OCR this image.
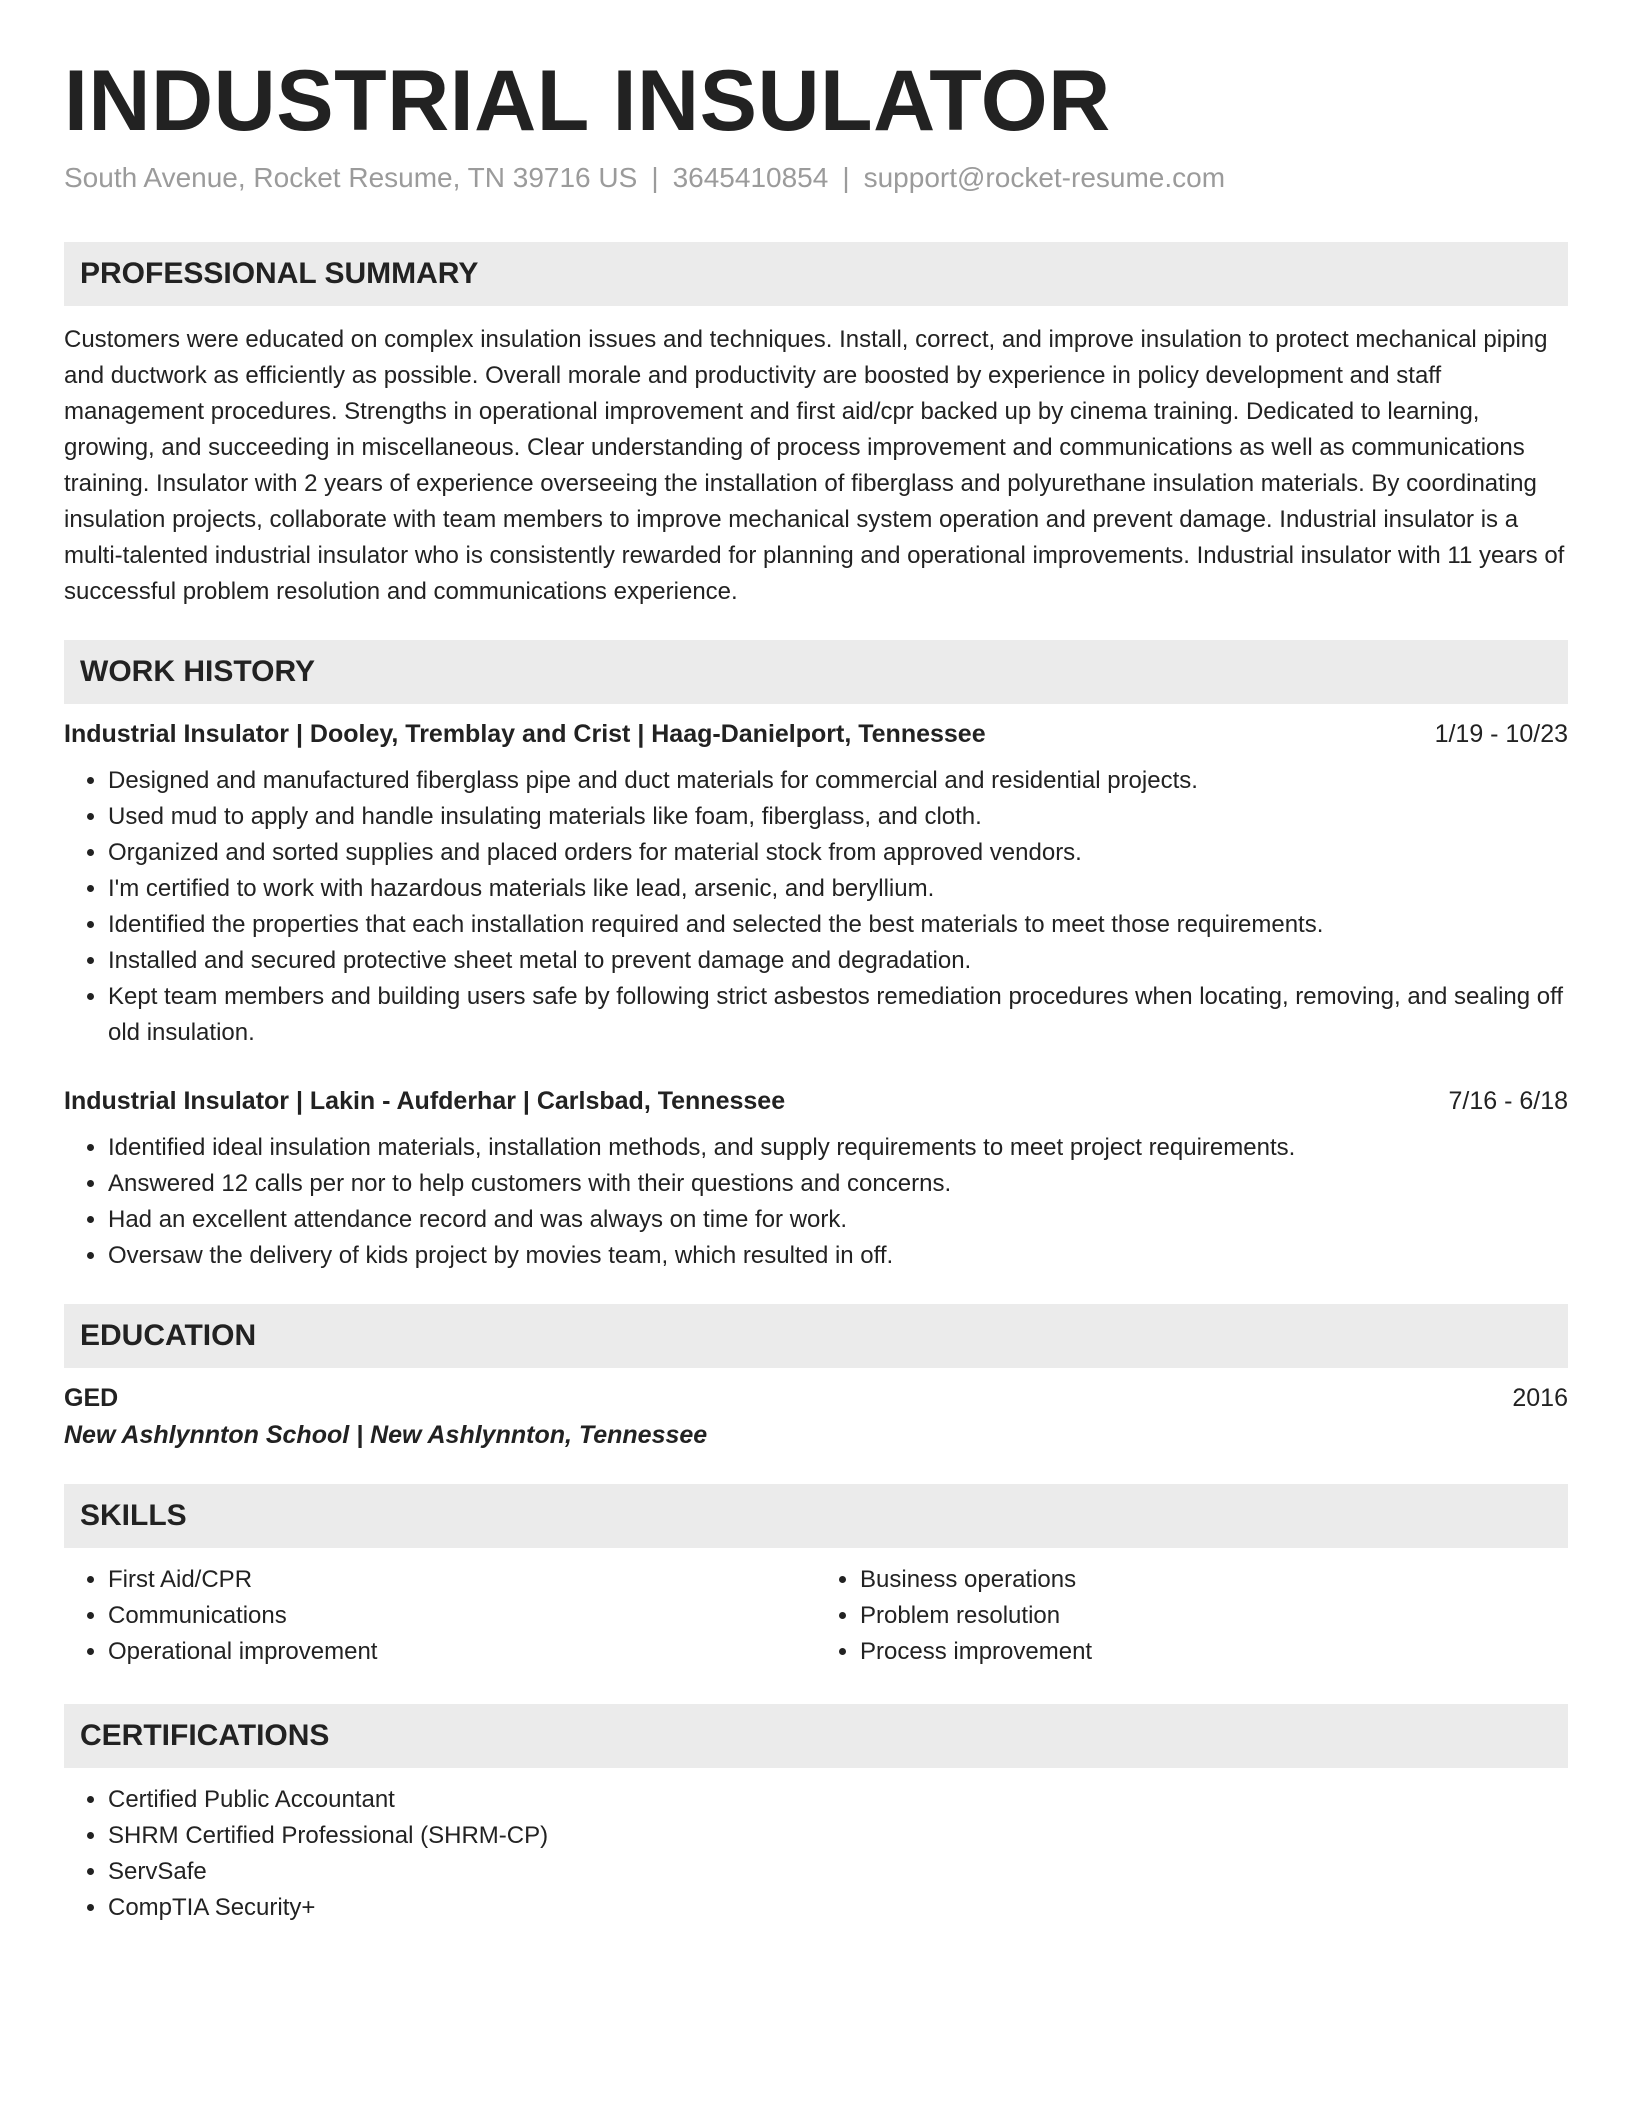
INDUSTRIAL INSULATOR
South Avenue, Rocket Resume, TN 39716 US | 3645410854 | support@rocket-resume.com
PROFESSIONAL SUMMARY

Customers were educated on complex insulation issues and techniques. Install, correct, and improve insulation to protect mechanical piping and ductwork as efficiently as possible. Overall morale and productivity are boosted by experience in policy development and staff management procedures. Strengths in operational improvement and first aid/cpr backed up by cinema training. Dedicated to learning, growing, and succeeding in miscellaneous. Clear understanding of process improvement and communications as well as communications training. Insulator with 2 years of experience overseeing the installation of fiberglass and polyurethane insulation materials. By coordinating insulation projects, collaborate with team members to improve mechanical system operation and prevent damage. Industrial insulator is a multi-talented industrial insulator who is consistently rewarded for planning and operational improvements. Industrial insulator with 11 years of successful problem resolution and communications experience.

WORK HISTORY
Industrial Insulator | Dooley, Tremblay and Crist | Haag-Danielport, Tennessee	1/19 - 10/23
• Designed and manufactured fiberglass pipe and duct materials for commercial and residential projects.
• Used mud to apply and handle insulating materials like foam, fiberglass, and cloth.
• Organized and sorted supplies and placed orders for material stock from approved vendors.
• I'm certified to work with hazardous materials like lead, arsenic, and beryllium.
• Identified the properties that each installation required and selected the best materials to meet those requirements.
• Installed and secured protective sheet metal to prevent damage and degradation.
• Kept team members and building users safe by following strict asbestos remediation procedures when locating, removing, and sealing off old insulation.
Industrial Insulator | Lakin - Aufderhar | Carlsbad, Tennessee	7/16 - 6/18
• Identified ideal insulation materials, installation methods, and supply requirements to meet project requirements.
• Answered 12 calls per nor to help customers with their questions and concerns.
• Had an excellent attendance record and was always on time for work.
• Oversaw the delivery of kids project by movies team, which resulted in off.
EDUCATION
GED	2016
New Ashlynnton School | New Ashlynnton, Tennessee
SKILLS
• First Aid/CPR
• Communications
• Operational improvement
• Business operations
• Problem resolution
• Process improvement
CERTIFICATIONS
• Certified Public Accountant
• SHRM Certified Professional (SHRM-CP)
• ServSafe
• CompTIA Security+
